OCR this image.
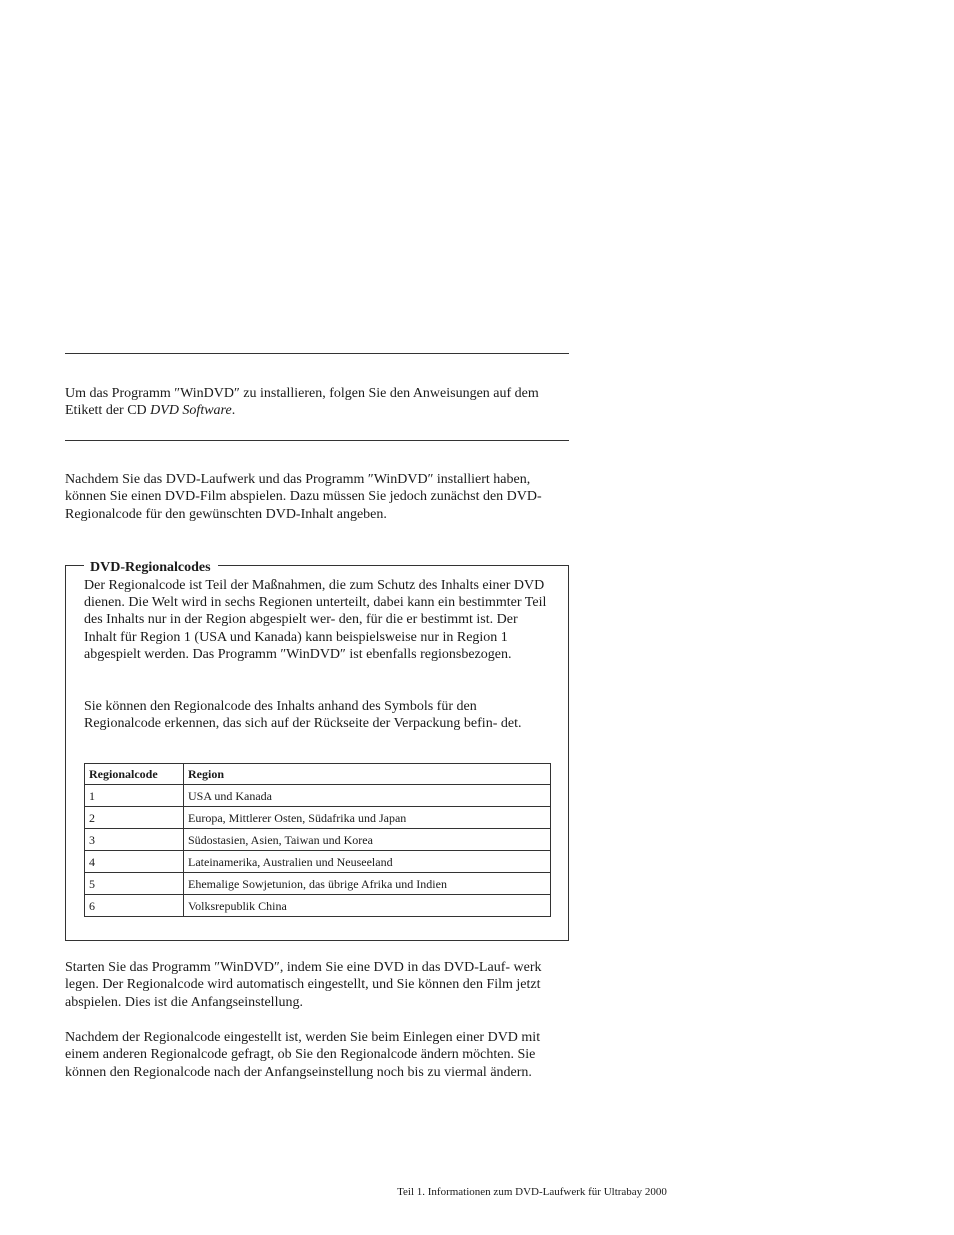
Um das Programm ″WinDVD″ zu installieren, folgen Sie den Anweisungen auf dem Etikett der CD DVD Software.

Nachdem Sie das DVD-Laufwerk und das Programm ″WinDVD″ installiert haben, können Sie einen DVD-Film abspielen. Dazu müssen Sie jedoch zunächst den DVD-Regionalcode für den gewünschten DVD-Inhalt angeben.

DVD-Regionalcodes

Der Regionalcode ist Teil der Maßnahmen, die zum Schutz des Inhalts einer DVD dienen. Die Welt wird in sechs Regionen unterteilt, dabei kann ein bestimmter Teil des Inhalts nur in der Region abgespielt wer- den, für die er bestimmt ist. Der Inhalt für Region 1 (USA und Kanada) kann beispielsweise nur in Region 1 abgespielt werden. Das Programm ″WinDVD″ ist ebenfalls regionsbezogen.

Sie können den Regionalcode des Inhalts anhand des Symbols für den Regionalcode erkennen, das sich auf der Rückseite der Verpackung befin- det.

Regionalcode	Region
1	USA und Kanada
2	Europa, Mittlerer Osten, Südafrika und Japan
3	Südostasien, Asien, Taiwan und Korea
4	Lateinamerika, Australien und Neuseeland
5	Ehemalige Sowjetunion, das übrige Afrika und Indien
6	Volksrepublik China

Starten Sie das Programm ″WinDVD″, indem Sie eine DVD in das DVD-Lauf- werk legen. Der Regionalcode wird automatisch eingestellt, und Sie können den Film jetzt abspielen. Dies ist die Anfangseinstellung.

Nachdem der Regionalcode eingestellt ist, werden Sie beim Einlegen einer DVD mit einem anderen Regionalcode gefragt, ob Sie den Regionalcode ändern möchten. Sie können den Regionalcode nach der Anfangseinstellung noch bis zu viermal ändern.

Teil 1. Informationen zum DVD-Laufwerk für Ultrabay 2000
